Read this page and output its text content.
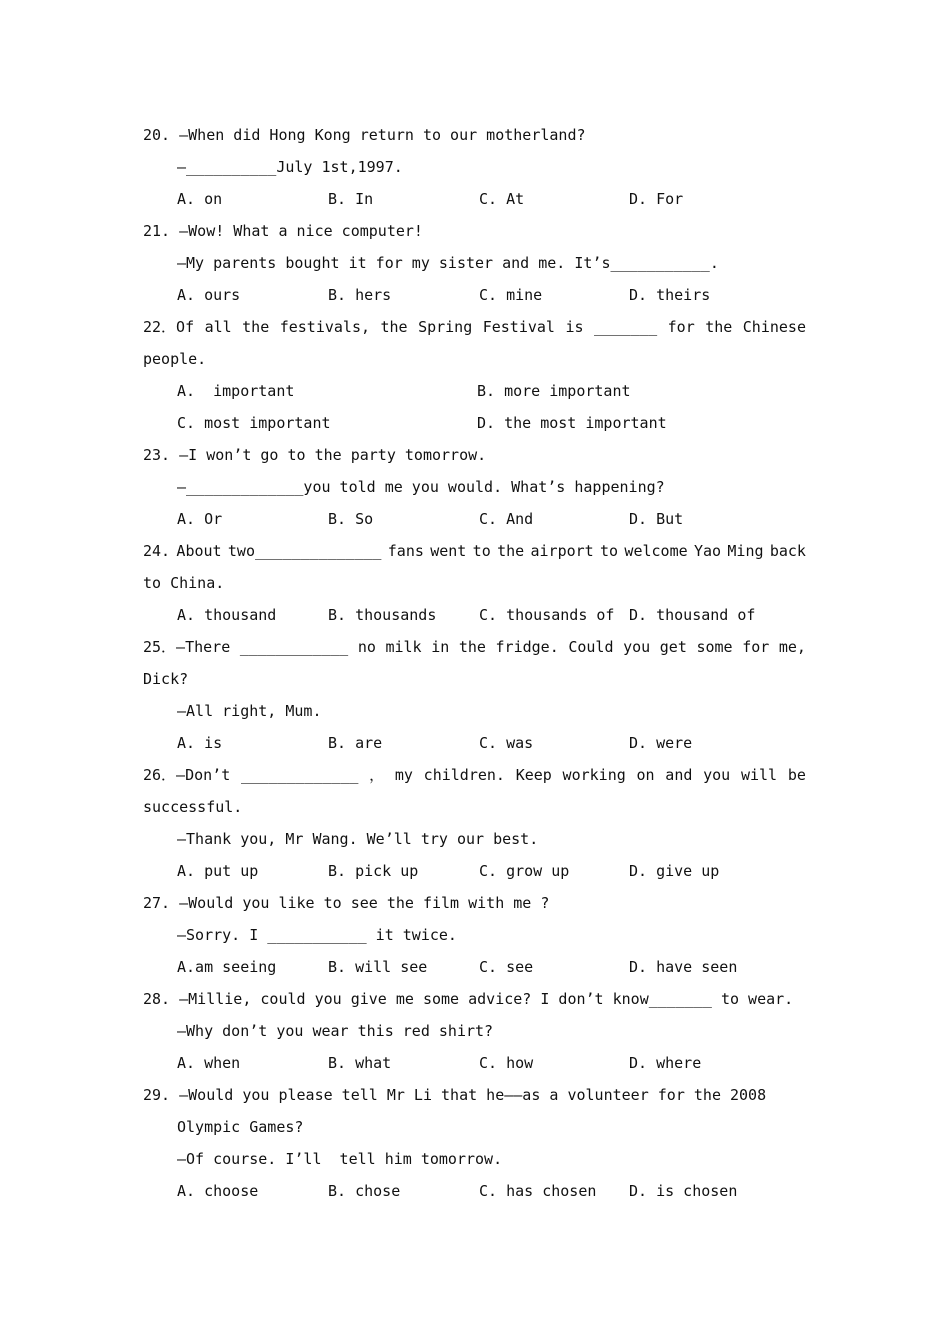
20. —When did Hong Kong return to our motherland?
—__________July 1st,1997.
A. on	B. In	C. At	D. For
21. —Wow! What a nice computer!
—My parents bought it for my sister and me. It’s___________.
A. ours	B. hers	C. mine	D. theirs
22．Of all the festivals, the Spring Festival is _______ for the Chinese
people.
A.  important	B. more important
C. most important	D. the most important
23. —I won’t go to the party tomorrow.
—_____________you told me you would. What’s happening?
A. Or	B. So	C. And	D. But
24. About two______________ fans went to the airport to welcome Yao Ming back
to China.
A. thousand	B. thousands	C. thousands of D. thousand of
25．—There ____________ no milk in the fridge. Could you get some for me,
Dick?
—All right, Mum.
A. is	B. are	C. was	D. were
26．—Don’t _____________ ， my children. Keep working on and you will be
successful.
—Thank you, Mr Wang. We’ll try our best.
A. put up	B. pick up	C. grow up	D. give up
27. —Would you like to see the film with me ?
—Sorry. I ___________ it twice.
A.am seeing	B. will see	C. see	D. have seen
28. —Millie, could you give me some advice? I don’t know_______ to wear.
—Why don’t you wear this red shirt?
A. when	B. what	C. how	D. where
29. —Would you please tell Mr Li that he——as a volunteer for the 2008
Olympic Games?
—Of course. I’ll  tell him tomorrow.
A. choose	B. chose	C. has chosen D. is chosen
